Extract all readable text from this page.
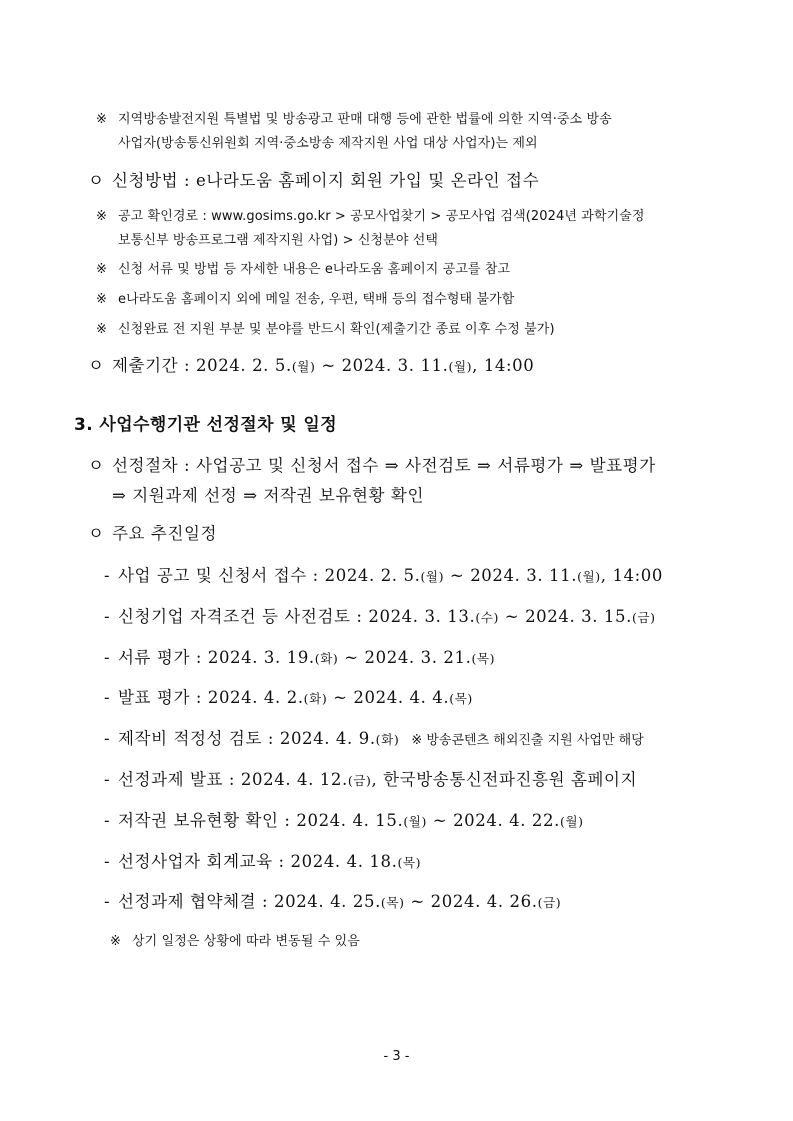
※ 지역방송발전지원 특별법 및 방송광고 판매 대행 등에 관한 법률에 의한 지역·중소 방송
사업자(방송통신위원회 지역·중소방송 제작지원 사업 대상 사업자)는 제외
ㅇ 신청방법 : e나라도움 홈페이지 회원 가입 및 온라인 접수
※ 공고 확인경로 : www.gosims.go.kr > 공모사업찾기 > 공모사업 검색(2024년 과학기술정
보통신부 방송프로그램 제작지원 사업) > 신청분야 선택
※ 신청 서류 및 방법 등 자세한 내용은 e나라도움 홈페이지 공고를 참고
※ e나라도움 홈페이지 외에 메일 전송, 우편, 택배 등의 접수형태 불가함
※ 신청완료 전 지원 부분 및 분야를 반드시 확인(제출기간 종료 이후 수정 불가)
ㅇ 제출기간 : 2024. 2. 5.(월) ~ 2024. 3. 11.(월), 14:00
3. 사업수행기관 선정절차 및 일정
ㅇ 선정절차 : 사업공고 및 신청서 접수 ⇒ 사전검토 ⇒ 서류평가 ⇒ 발표평가
⇒ 지원과제 선정 ⇒ 저작권 보유현황 확인
ㅇ 주요 추진일정
- 사업 공고 및 신청서 접수 : 2024. 2. 5.(월) ~ 2024. 3. 11.(월), 14:00
- 신청기업 자격조건 등 사전검토 : 2024. 3. 13.(수) ~ 2024. 3. 15.(금)
- 서류 평가 : 2024. 3. 19.(화) ~ 2024. 3. 21.(목)
- 발표 평가 : 2024. 4. 2.(화) ~ 2024. 4. 4.(목)
- 제작비 적정성 검토 : 2024. 4. 9.(화) ※ 방송콘텐츠 해외진출 지원 사업만 해당
- 선정과제 발표 : 2024. 4. 12.(금), 한국방송통신전파진흥원 홈페이지
- 저작권 보유현황 확인 : 2024. 4. 15.(월) ~ 2024. 4. 22.(월)
- 선정사업자 회계교육 : 2024. 4. 18.(목)
- 선정과제 협약체결 : 2024. 4. 25.(목) ~ 2024. 4. 26.(금)
※ 상기 일정은 상황에 따라 변동될 수 있음
- 3 -
